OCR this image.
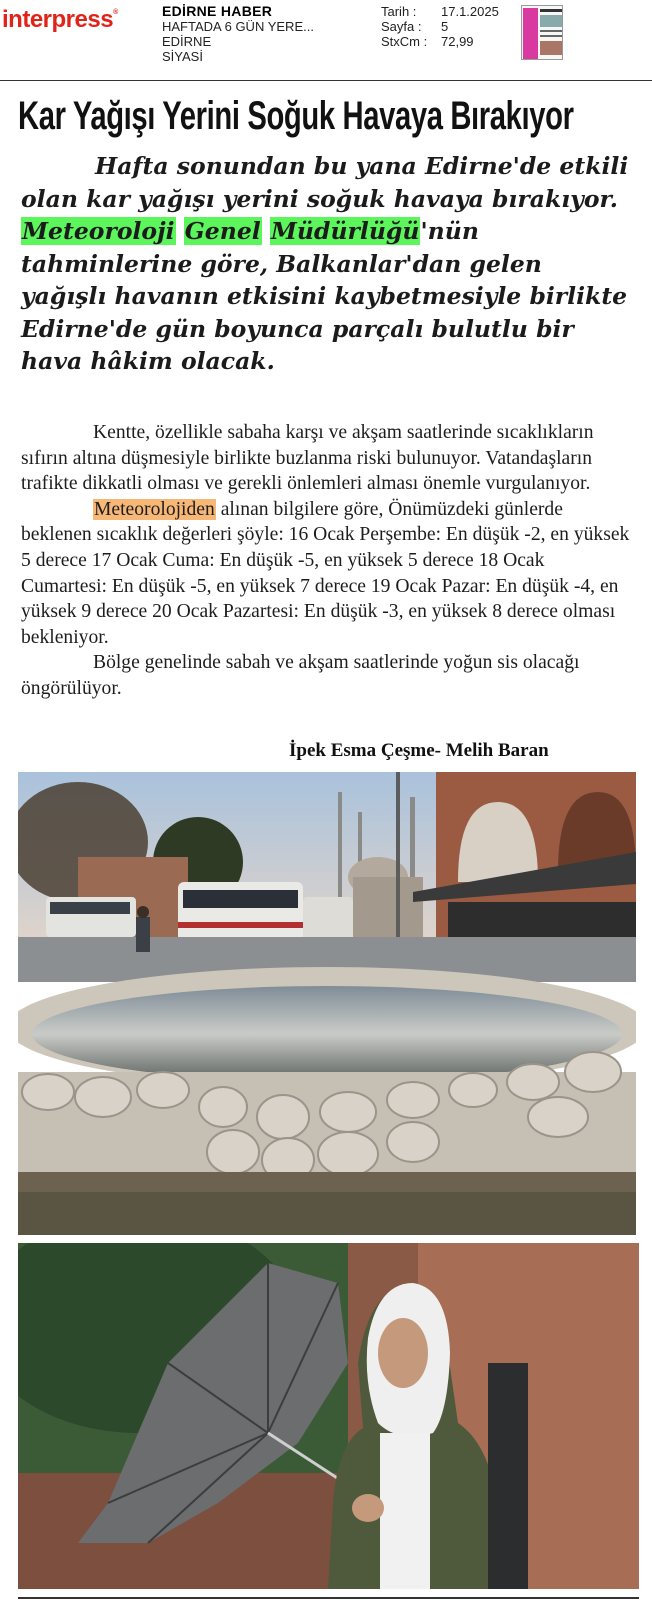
interpress®	EDİRNE HABER
HAFTADA 6 GÜN YERE...
EDİRNE
SİYASİ
Tarih :	17.1.2025
Sayfa :	5
StxCm :	72,99
Kar Yağışı Yerini Soğuk Havaya Bırakıyor
Hafta sonundan bu yana Edirne'de etkili olan kar yağışı yerini soğuk havaya bırakıyor. Meteoroloji Genel Müdürlüğü'nün tahminlerine göre, Balkanlar'dan gelen yağışlı havanın etkisini kaybetmesiyle birlikte Edirne'de gün boyunca parçalı bulutlu bir hava hâkim olacak.

Kentte, özellikle sabaha karşı ve akşam saatlerinde sıcaklıkların sıfırın altına düşmesiyle birlikte buzlanma riski bulunuyor. Vatandaşların trafikte dikkatli olması ve gerekli önlemleri alması önemle vurgulanıyor.

Meteorolojiden alınan bilgilere göre, Önümüzdeki günlerde beklenen sıcaklık değerleri şöyle: 16 Ocak Perşembe: En düşük -2, en yüksek 5 derece 17 Ocak Cuma: En düşük -5, en yüksek 5 derece 18 Ocak Cumartesi: En düşük -5, en yüksek 7 derece 19 Ocak Pazar: En düşük -4, en yüksek 9 derece 20 Ocak Pazartesi: En düşük -3, en yüksek 8 derece olması bekleniyor.

Bölge genelinde sabah ve akşam saatlerinde yoğun sis olacağı öngörülüyor.

İpek Esma Çeşme- Melih Baran
